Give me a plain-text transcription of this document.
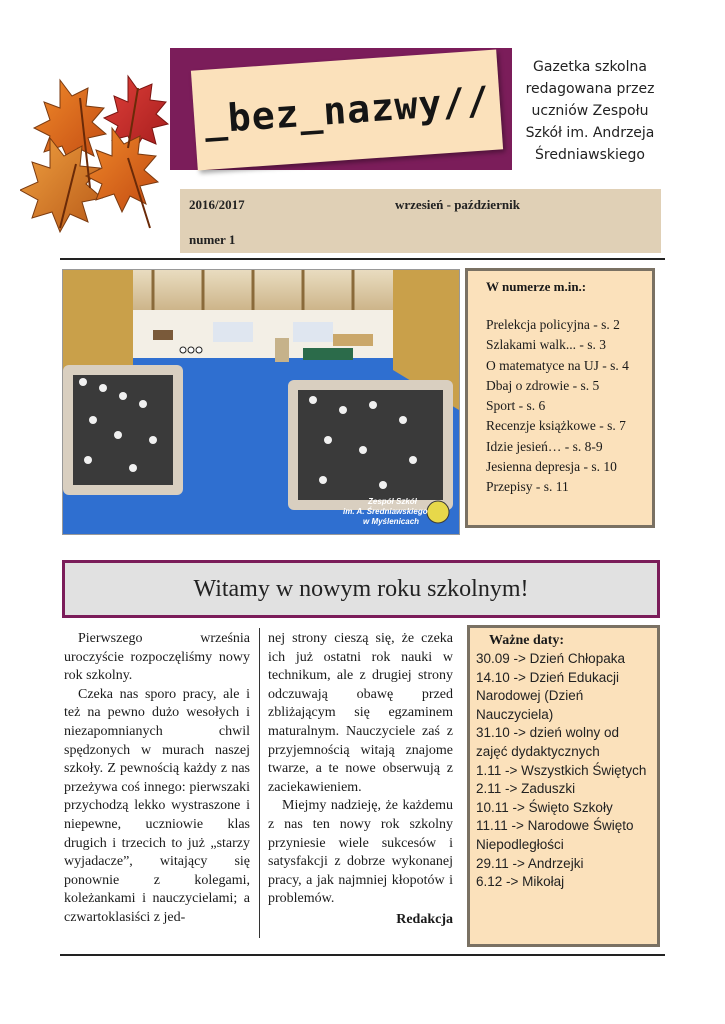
_bez_nazwy//
Gazetka szkolna redagowana przez uczniów Zespołu Szkół im. Andrzeja Średniawskiego
2016/2017	wrzesień - październik
numer 1
Zespół Szkół
im. A. Średniawskiego
w Myślenicach
W numerze m.in.:
Prelekcja policyjna - s. 2
Szlakami walk... - s. 3
O matematyce na UJ - s. 4
Dbaj o zdrowie - s. 5
Sport - s. 6
Recenzje książkowe - s. 7
Idzie jesień… - s. 8-9
Jesienna depresja - s. 10
Przepisy - s. 11
Witamy w nowym roku szkolnym!

Pierwszego września uroczyście rozpoczęliśmy nowy rok szkolny.

Czeka nas sporo pracy, ale i też na pewno dużo wesołych i niezapomnianych chwil spędzonych w murach naszej szkoły. Z pewnością każdy z nas przeżywa coś innego: pierwszaki przychodzą lekko wystraszone i niepewne, uczniowie klas drugich i trzecich to już „starzy wyjadacze”, witający się ponownie z kolegami, koleżankami i nauczycielami; a czwartoklasiści z jed-

nej strony cieszą się, że czeka ich już ostatni rok nauki w technikum, ale z drugiej strony odczuwają obawę przed zbliżającym się egzaminem maturalnym. Nauczyciele zaś z przyjemnością witają znajome twarze, a te nowe obserwują z zaciekawieniem.

Miejmy nadzieję, że każdemu z nas ten nowy rok szkolny przyniesie wiele sukcesów i satysfakcji z dobrze wykonanej pracy, a jak najmniej kłopotów i problemów.

Redakcja
Ważne daty:
30.09 -> Dzień Chłopaka
14.10 -> Dzień Edukacji Narodowej (Dzień Nauczyciela)
31.10 -> dzień wolny od zajęć dydaktycznych
1.11 -> Wszystkich Świętych
2.11 -> Zaduszki
10.11 -> Święto Szkoły
11.11 -> Narodowe Święto Niepodległości
29.11 -> Andrzejki
6.12 -> Mikołaj
